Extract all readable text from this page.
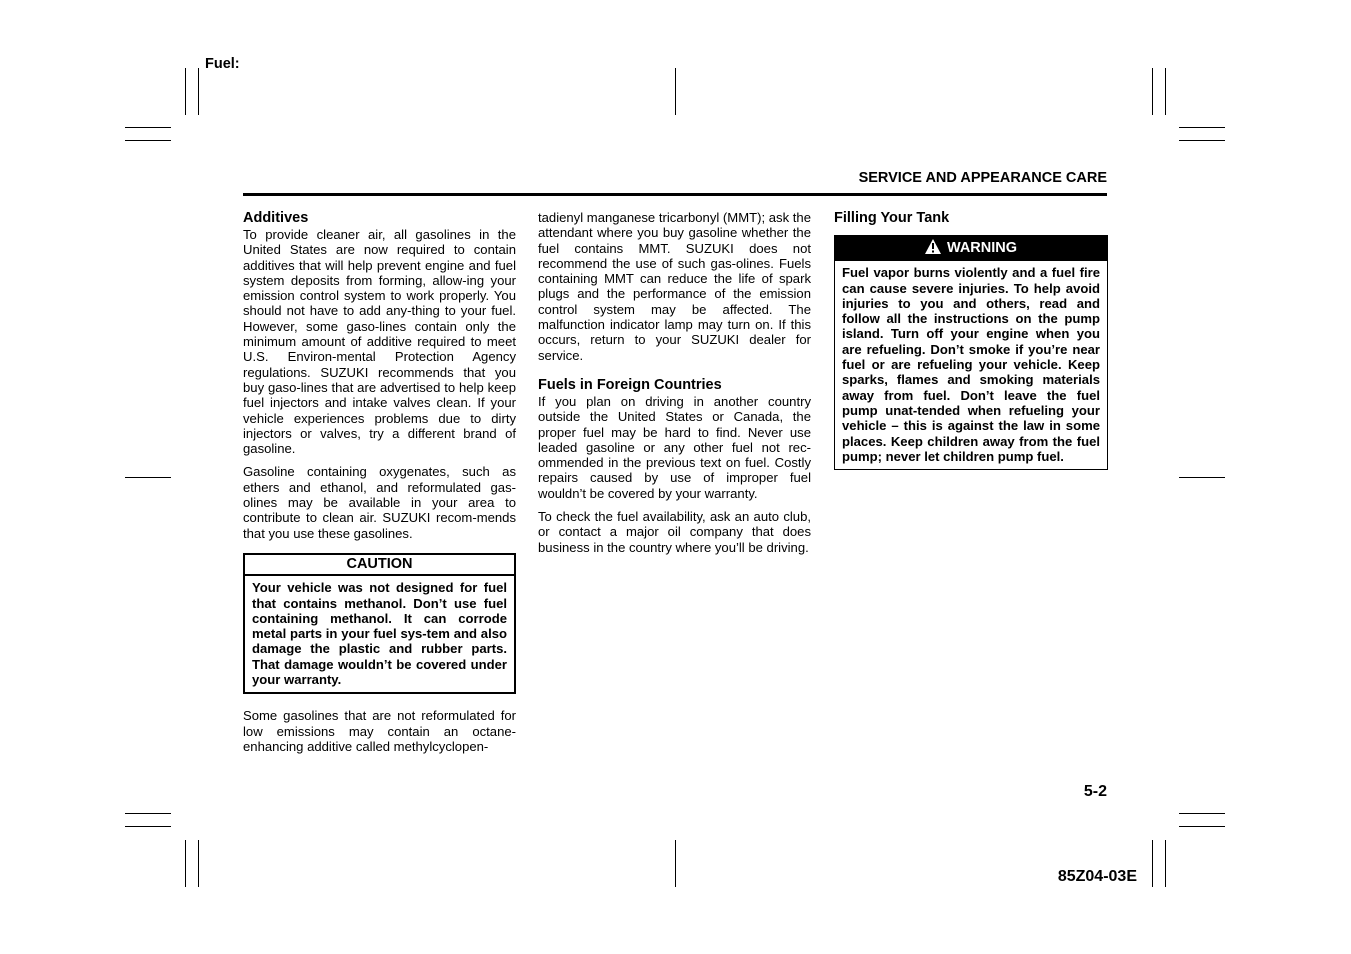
Fuel:
SERVICE AND APPEARANCE CARE
Additives

To provide cleaner air, all gasolines in the United States are now required to contain additives that will help prevent engine and fuel system deposits from forming, allow-ing your emission control system to work properly. You should not have to add any-thing to your fuel. However, some gaso-lines contain only the minimum amount of additive required to meet U.S. Environ-mental Protection Agency regulations. SUZUKI recommends that you buy gaso-lines that are advertised to help keep fuel injectors and intake valves clean. If your vehicle experiences problems due to dirty injectors or valves, try a different brand of gasoline.

Gasoline containing oxygenates, such as ethers and ethanol, and reformulated gas-olines may be available in your area to contribute to clean air. SUZUKI recom-mends that you use these gasolines.

CAUTION
Your vehicle was not designed for fuel that contains methanol. Don’t use fuel containing methanol. It can corrode metal parts in your fuel sys-tem and also damage the plastic and rubber parts. That damage wouldn’t be covered under your warranty.

Some gasolines that are not reformulated for low emissions may contain an octane-enhancing additive called methylcyclopen-

tadienyl manganese tricarbonyl (MMT); ask the attendant where you buy gasoline whether the fuel contains MMT. SUZUKI does not recommend the use of such gas-olines. Fuels containing MMT can reduce the life of spark plugs and the performance of the emission control system may be affected. The malfunction indicator lamp may turn on. If this occurs, return to your SUZUKI dealer for service.

Fuels in Foreign Countries

If you plan on driving in another country outside the United States or Canada, the proper fuel may be hard to find. Never use leaded gasoline or any other fuel not rec-ommended in the previous text on fuel. Costly repairs caused by use of improper fuel wouldn’t be covered by your warranty.

To check the fuel availability, ask an auto club, or contact a major oil company that does business in the country where you’ll be driving.

Filling Your Tank
WARNING
Fuel vapor burns violently and a fuel fire can cause severe injuries. To help avoid injuries to you and others, read and follow all the instructions on the pump island. Turn off your engine when you are refueling. Don’t smoke if you’re near fuel or are refueling your vehicle. Keep sparks, flames and smoking materials away from fuel. Don’t leave the fuel pump unat-tended when refueling your vehicle – this is against the law in some places. Keep children away from the fuel pump; never let children pump fuel.
5-2
85Z04-03E
